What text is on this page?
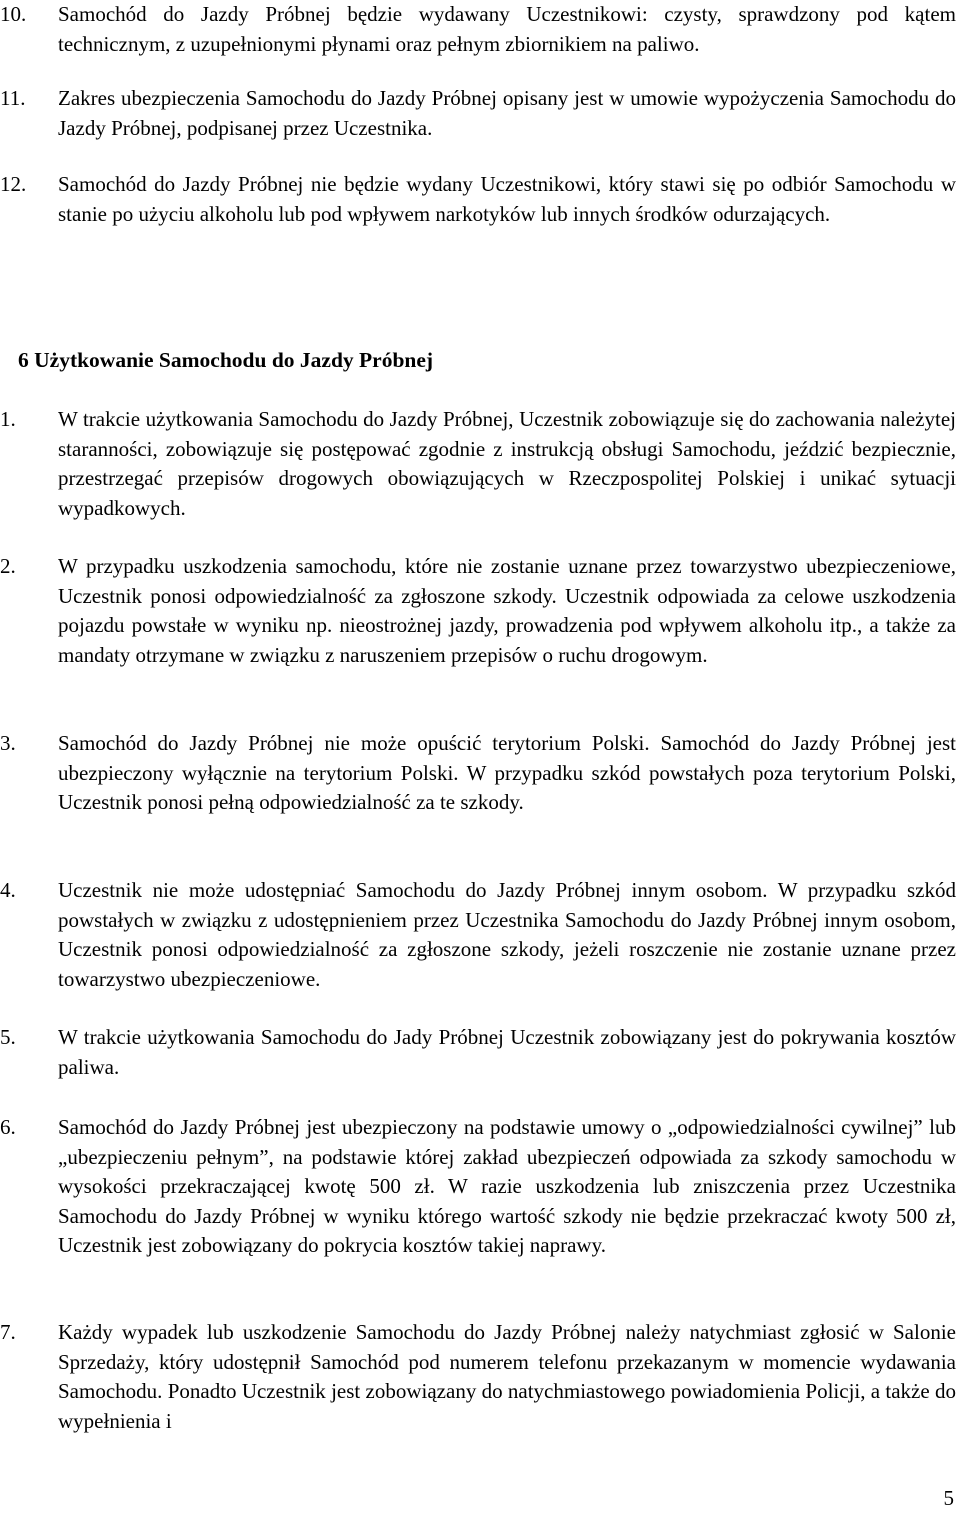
10.	Samochód do Jazdy Próbnej będzie wydawany Uczestnikowi: czysty, sprawdzony pod kątem technicznym, z uzupełnionymi płynami oraz pełnym zbiornikiem na paliwo.
11.	Zakres ubezpieczenia Samochodu do Jazdy Próbnej opisany jest w umowie wypożyczenia Samochodu do Jazdy Próbnej, podpisanej przez Uczestnika.
12.	Samochód do Jazdy Próbnej nie będzie wydany Uczestnikowi, który stawi się po odbiór Samochodu w stanie po użyciu alkoholu lub pod wpływem narkotyków lub innych środków odurzających.
6 Użytkowanie Samochodu do Jazdy Próbnej
1.	W trakcie użytkowania Samochodu do Jazdy Próbnej, Uczestnik zobowiązuje się do zachowania należytej staranności, zobowiązuje się postępować zgodnie z instrukcją obsługi Samochodu, jeździć bezpiecznie, przestrzegać przepisów drogowych obowiązujących w Rzeczpospolitej Polskiej i unikać sytuacji wypadkowych.
2.	W przypadku uszkodzenia samochodu, które nie zostanie uznane przez towarzystwo ubezpieczeniowe, Uczestnik ponosi odpowiedzialność za zgłoszone szkody. Uczestnik odpowiada za celowe uszkodzenia pojazdu powstałe w wyniku np. nieostrożnej jazdy, prowadzenia pod wpływem alkoholu itp., a także za mandaty otrzymane w związku z naruszeniem przepisów o ruchu drogowym.
3.	Samochód do Jazdy Próbnej nie może opuścić terytorium Polski. Samochód do Jazdy Próbnej jest ubezpieczony wyłącznie na terytorium Polski. W przypadku szkód powstałych poza terytorium Polski, Uczestnik ponosi pełną odpowiedzialność za te szkody.
4.	Uczestnik nie może udostępniać Samochodu do Jazdy Próbnej innym osobom. W przypadku szkód powstałych w związku z udostępnieniem przez Uczestnika Samochodu do Jazdy Próbnej innym osobom, Uczestnik ponosi odpowiedzialność za zgłoszone szkody, jeżeli roszczenie nie zostanie uznane przez towarzystwo ubezpieczeniowe.
5.	W trakcie użytkowania Samochodu do Jady Próbnej Uczestnik zobowiązany jest do pokrywania kosztów paliwa.
6.	Samochód do Jazdy Próbnej jest ubezpieczony na podstawie umowy o „odpowiedzialności cywilnej” lub „ubezpieczeniu pełnym”, na podstawie której zakład ubezpieczeń odpowiada za szkody samochodu w wysokości przekraczającej kwotę 500 zł. W razie uszkodzenia lub zniszczenia przez Uczestnika Samochodu do Jazdy Próbnej w wyniku którego wartość szkody nie będzie przekraczać kwoty 500 zł, Uczestnik jest zobowiązany do pokrycia kosztów takiej naprawy.
7.	Każdy wypadek lub uszkodzenie Samochodu do Jazdy Próbnej należy natychmiast zgłosić w Salonie Sprzedaży, który udostępnił Samochód pod numerem telefonu przekazanym w momencie wydawania Samochodu. Ponadto Uczestnik jest zobowiązany do natychmiastowego powiadomienia Policji, a także do wypełnienia i
5
